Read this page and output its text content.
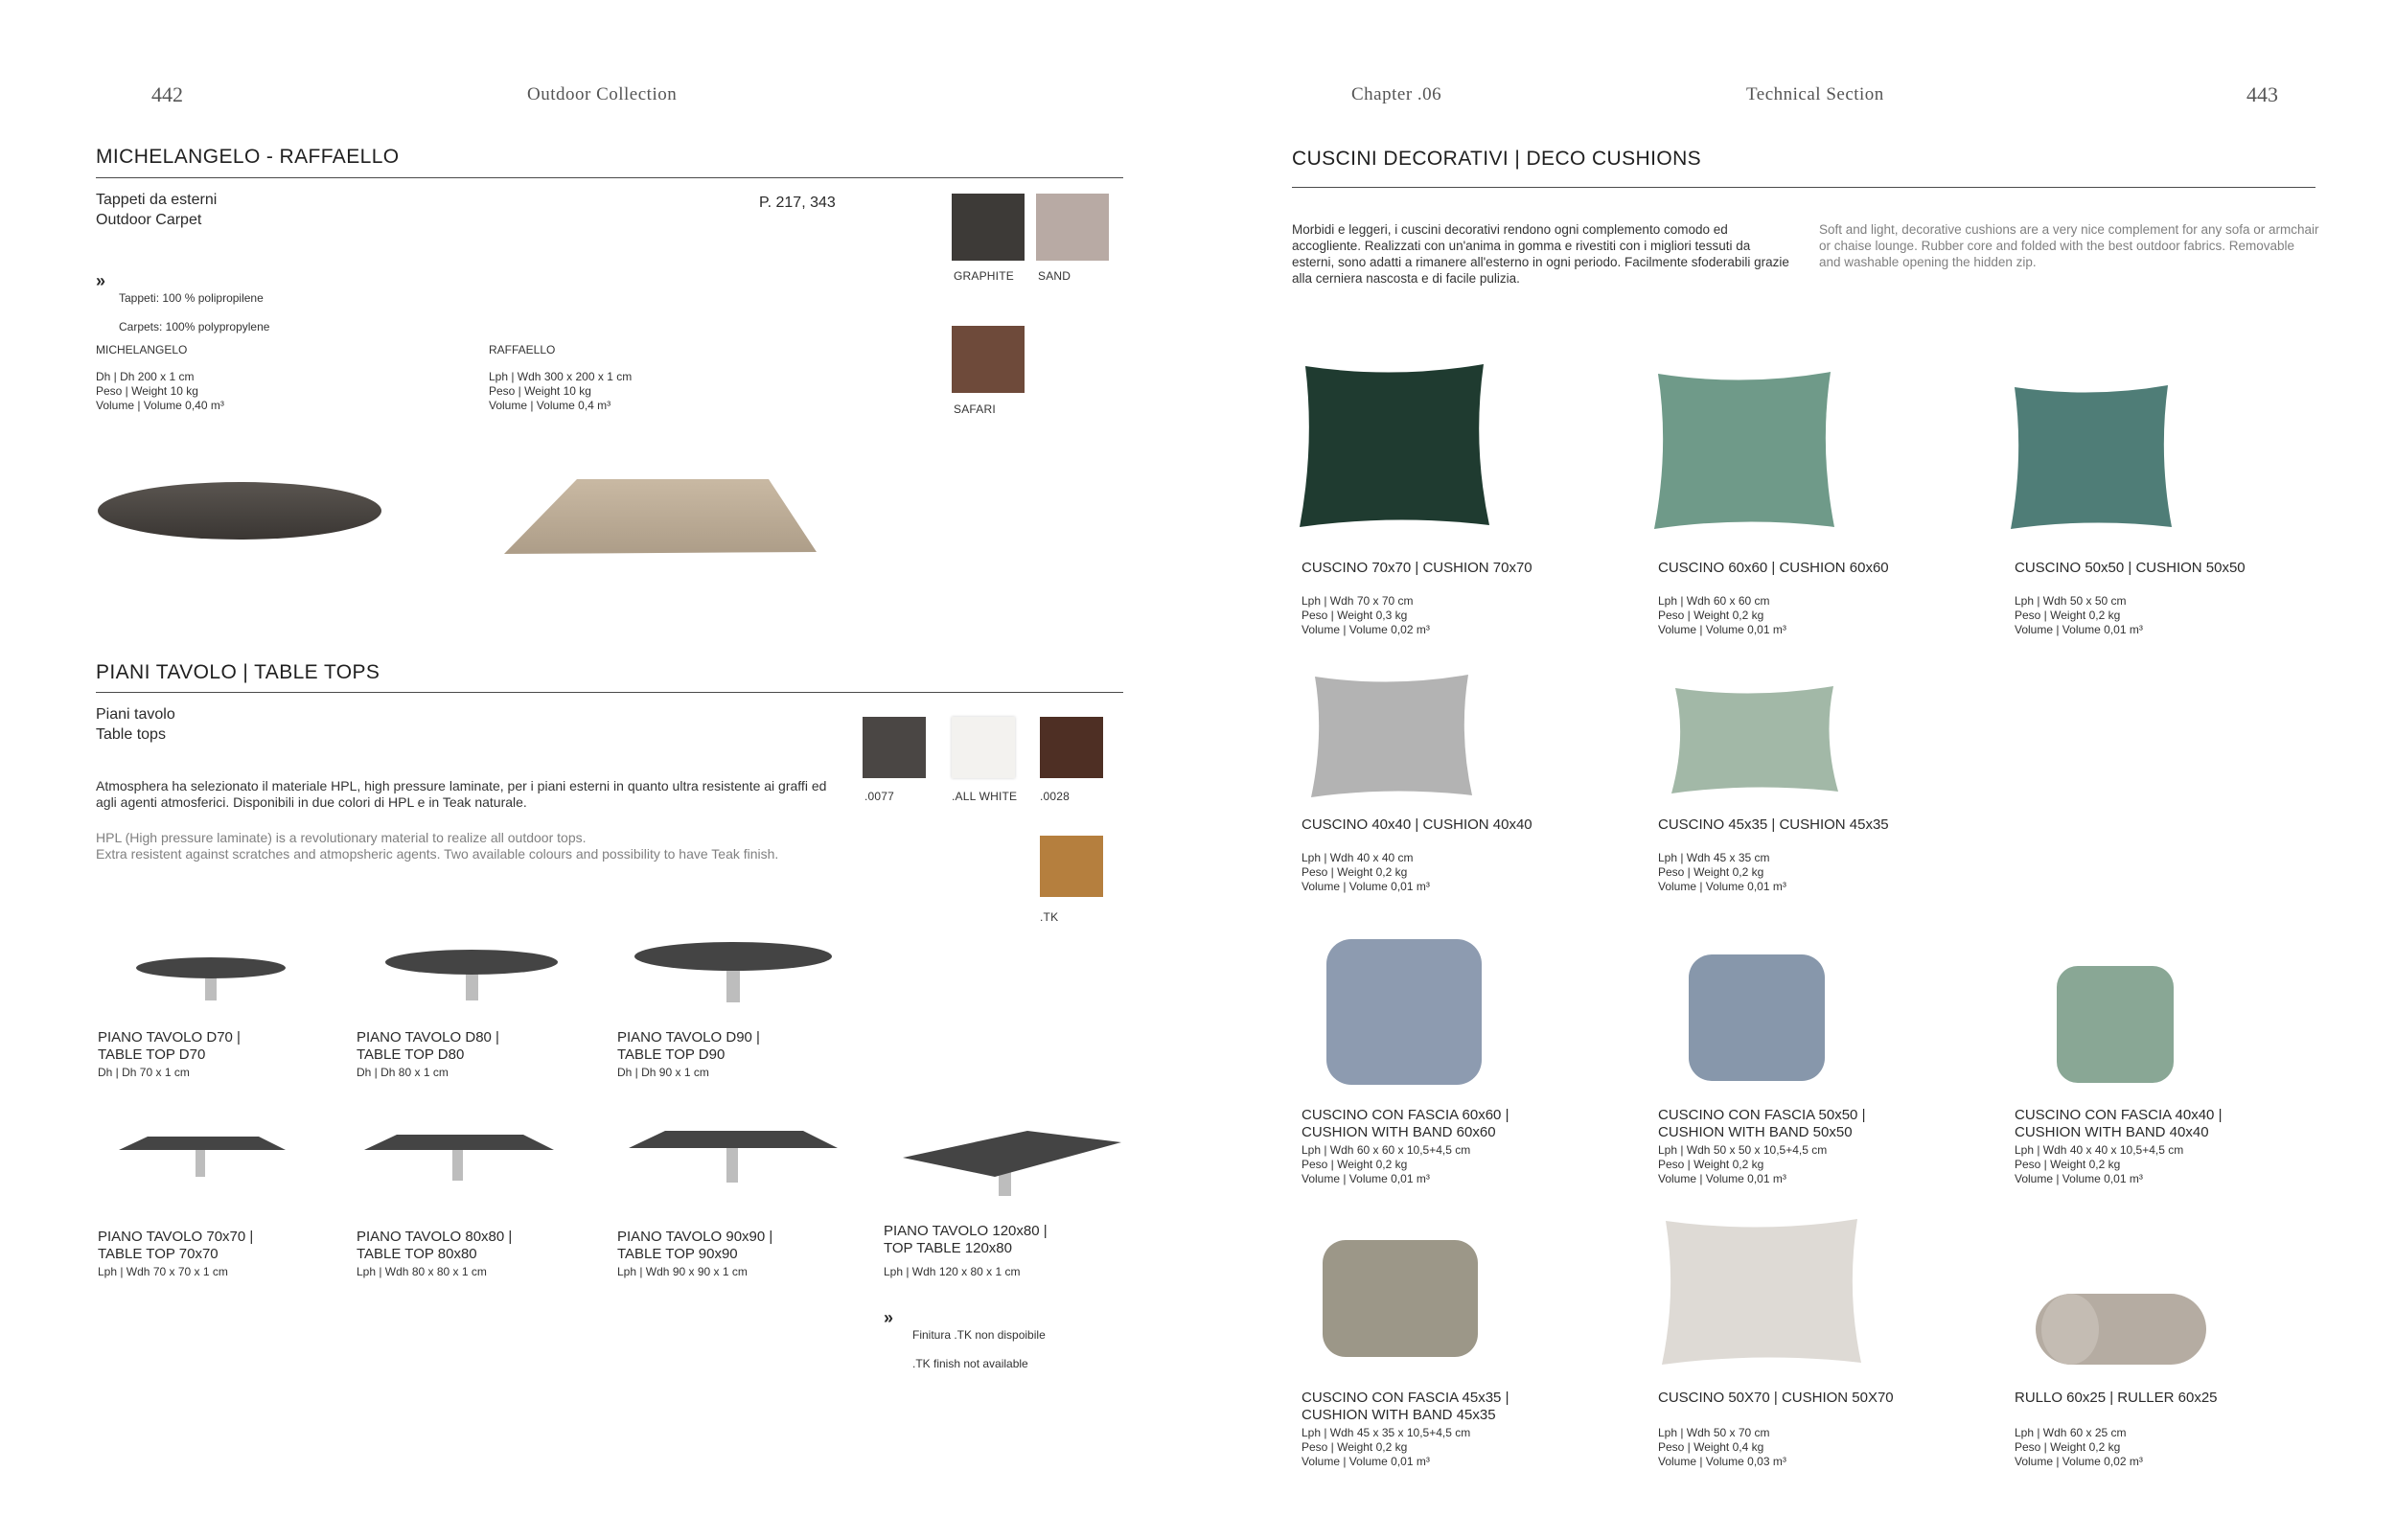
442	Outdoor Collection	Chapter .06	Technical Section	443
MICHELANGELO - RAFFAELLO
Tappeti da esterni
Outdoor Carpet
P. 217, 343
»

Tappeti: 100 % polipropilene

Carpets: 100% polypropylene

GRAPHITE SAND
SAFARI
MICHELANGELO
Dh | Dh 200 x 1 cm
Peso | Weight 10 kg
Volume | Volume 0,40 m³
RAFFAELLO
Lph | Wdh 300 x 200 x 1 cm
Peso | Weight 10 kg
Volume | Volume 0,4 m³
PIANI TAVOLO | TABLE TOPS
Piani tavolo
Table tops
Atmosphera ha selezionato il materiale HPL, high pressure laminate, per i piani esterni in quanto ultra resistente ai graffi ed agli agenti atmosferici. Disponibili in due colori di HPL e in Teak naturale.
HPL (High pressure laminate) is a revolutionary material to realize all outdoor tops.
Extra resistent against scratches and atmopsheric agents. Two available colours and possibility to have Teak finish.
.0077	.ALL WHITE .0028
.TK
PIANO TAVOLO D70 |
TABLE TOP D70
Dh | Dh 70 x 1 cm
PIANO TAVOLO D80 |
TABLE TOP D80
Dh | Dh 80 x 1 cm
PIANO TAVOLO D90 |
TABLE TOP D90
Dh | Dh 90 x 1 cm
PIANO TAVOLO 70x70 |
TABLE TOP 70x70
Lph | Wdh 70 x 70 x 1 cm
PIANO TAVOLO 80x80 |
TABLE TOP 80x80
Lph | Wdh 80 x 80 x 1 cm
PIANO TAVOLO 90x90 |
TABLE TOP 90x90
Lph | Wdh 90 x 90 x 1 cm
PIANO TAVOLO 120x80 |
TOP TABLE 120x80
Lph | Wdh 120 x 80 x 1 cm
»

Finitura .TK non dispoibile

.TK finish not available

CUSCINI DECORATIVI | DECO CUSHIONS
Morbidi e leggeri, i cuscini decorativi rendono ogni complemento comodo ed accogliente. Realizzati con un'anima in gomma e rivestiti con i migliori tessuti da esterni, sono adatti a rimanere all'esterno in ogni periodo. Facilmente sfoderabili grazie alla cerniera nascosta e di facile pulizia.
Soft and light, decorative cushions are a very nice complement for any sofa or armchair or chaise lounge. Rubber core and folded with the best outdoor fabrics. Removable and washable opening the hidden zip.
CUSCINO 70x70 | CUSHION 70x70
Lph | Wdh 70 x 70 cm
Peso | Weight 0,3 kg
Volume | Volume 0,02 m³
CUSCINO 60x60 | CUSHION 60x60
Lph | Wdh 60 x 60 cm
Peso | Weight 0,2 kg
Volume | Volume 0,01 m³
CUSCINO 50x50 | CUSHION 50x50
Lph | Wdh 50 x 50 cm
Peso | Weight 0,2 kg
Volume | Volume 0,01 m³
CUSCINO 40x40 | CUSHION 40x40
Lph | Wdh 40 x 40 cm
Peso | Weight 0,2 kg
Volume | Volume 0,01 m³
CUSCINO 45x35 | CUSHION 45x35
Lph | Wdh 45 x 35 cm
Peso | Weight 0,2 kg
Volume | Volume 0,01 m³
CUSCINO CON FASCIA 60x60 |
CUSHION WITH BAND 60x60
Lph | Wdh 60 x 60 x 10,5+4,5 cm
Peso | Weight 0,2 kg
Volume | Volume 0,01 m³
CUSCINO CON FASCIA 50x50 |
CUSHION WITH BAND 50x50
Lph | Wdh 50 x 50 x 10,5+4,5 cm
Peso | Weight 0,2 kg
Volume | Volume 0,01 m³
CUSCINO CON FASCIA 40x40 |
CUSHION WITH BAND 40x40
Lph | Wdh 40 x 40 x 10,5+4,5 cm
Peso | Weight 0,2 kg
Volume | Volume 0,01 m³
CUSCINO CON FASCIA 45x35 |
CUSHION WITH BAND 45x35
Lph | Wdh 45 x 35 x 10,5+4,5 cm
Peso | Weight 0,2 kg
Volume | Volume 0,01 m³
CUSCINO 50X70 | CUSHION 50X70
Lph | Wdh 50 x 70 cm
Peso | Weight 0,4 kg
Volume | Volume 0,03 m³
RULLO 60x25 | RULLER 60x25
Lph | Wdh 60 x 25 cm
Peso | Weight 0,2 kg
Volume | Volume 0,02 m³
